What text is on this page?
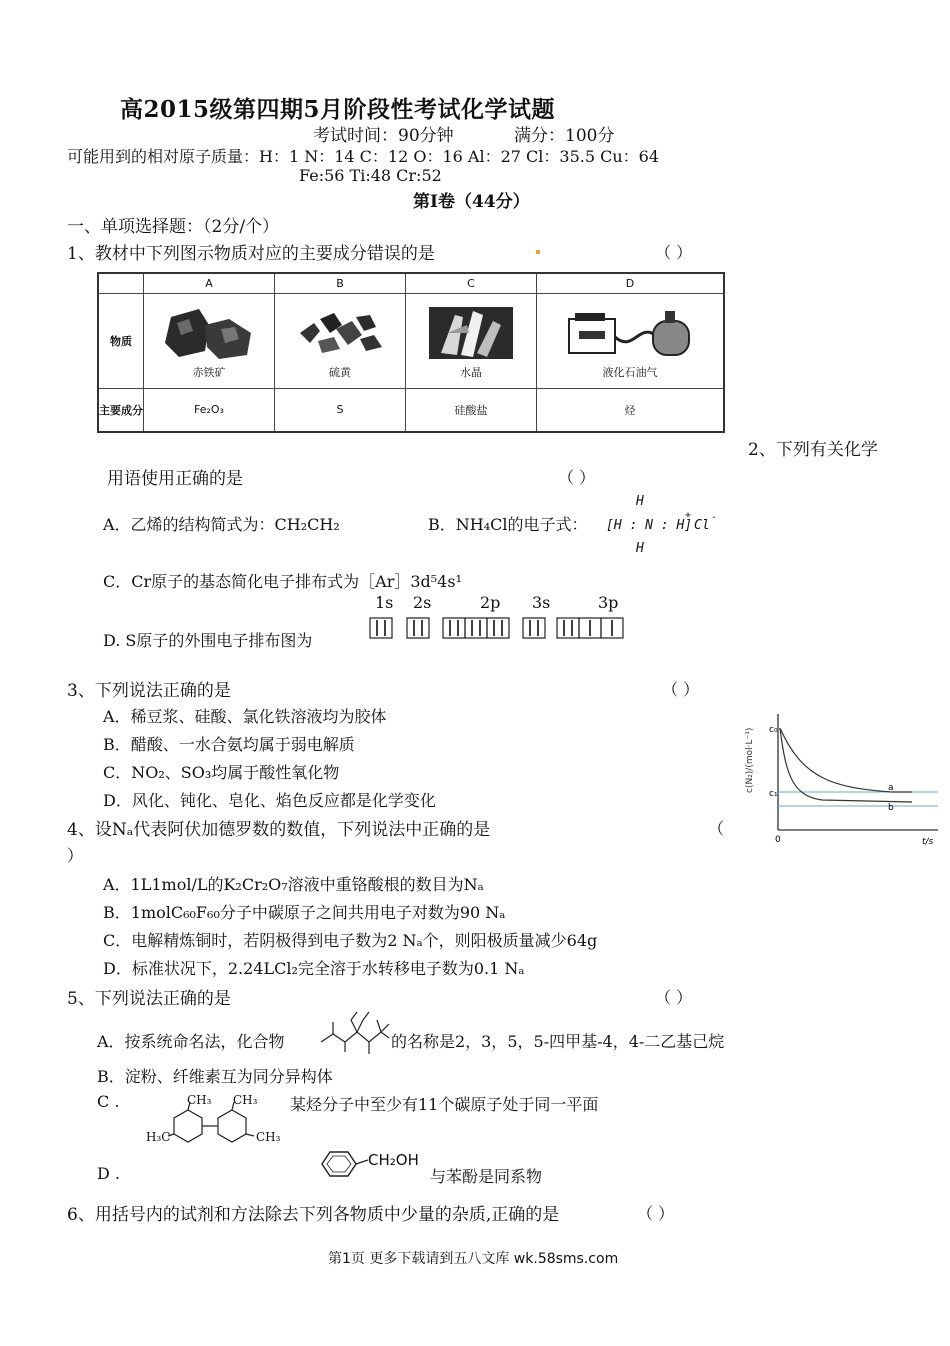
高2015级第四期5月阶段性考试化学试题
考试时间：90分钟	满分：100分
可能用到的相对原子质量：H：1 N：14 C：12 O：16 Al：27 Cl：35.5 Cu：64
Fe:56 Ti:48 Cr:52
第Ⅰ卷（44分）
一、单项选择题：（2分/个）
1、教材中下列图示物质对应的主要成分错误的是	（ ）
	A	B	C	D
物质	赤铁矿	硫黄	水晶	液化石油气
主要成分	Fe₂O₃	S	硅酸盐	烃
2、下列有关化学
用语使用正确的是	（ ）
A．乙烯的结构简式为：CH₂CH₂	B．NH₄Cl的电子式：
H
[H : N : H]
+
Cl
-
H
C．Cr原子的基态简化电子排布式为［Ar］3d⁵4s¹
1s 2s	2p 3s	3p
D. S原子的外围电子排布图为
3、下列说法正确的是	（ ）
A．稀豆浆、硅酸、氯化铁溶液均为胶体
B．醋酸、一水合氨均属于弱电解质
C．NO₂、SO₃均属于酸性氧化物
D．风化、钝化、皂化、焰色反应都是化学变化
c(N₂)/(mol·L⁻¹) c₀
c₁
0	t/s
a
b
4、设Nₐ代表阿伏加德罗数的数值，下列说法中正确的是	（
）
A．1L1mol/L的K₂Cr₂O₇溶液中重铬酸根的数目为Nₐ
B．1molC₆₀F₆₀分子中碳原子之间共用电子对数为90 Nₐ
C．电解精炼铜时，若阴极得到电子数为2 Nₐ个，则阳极质量减少64g
D．标准状况下，2.24LCl₂完全溶于水转移电子数为0.1 Nₐ
5、下列说法正确的是	（ ）
A．按系统命名法，化合物	的名称是2，3，5，5-四甲基-4，4-二乙基己烷
B．淀粉、纤维素互为同分异构体
C .	CH₃ CH₃
H₃C	CH₃
某烃分子中至少有11个碳原子处于同一平面
D .
CH₂OH
与苯酚是同系物
6、用括号内的试剂和方法除去下列各物质中少量的杂质,正确的是	（ ）
第1页 更多下载请到五八文库 wk.58sms.com
